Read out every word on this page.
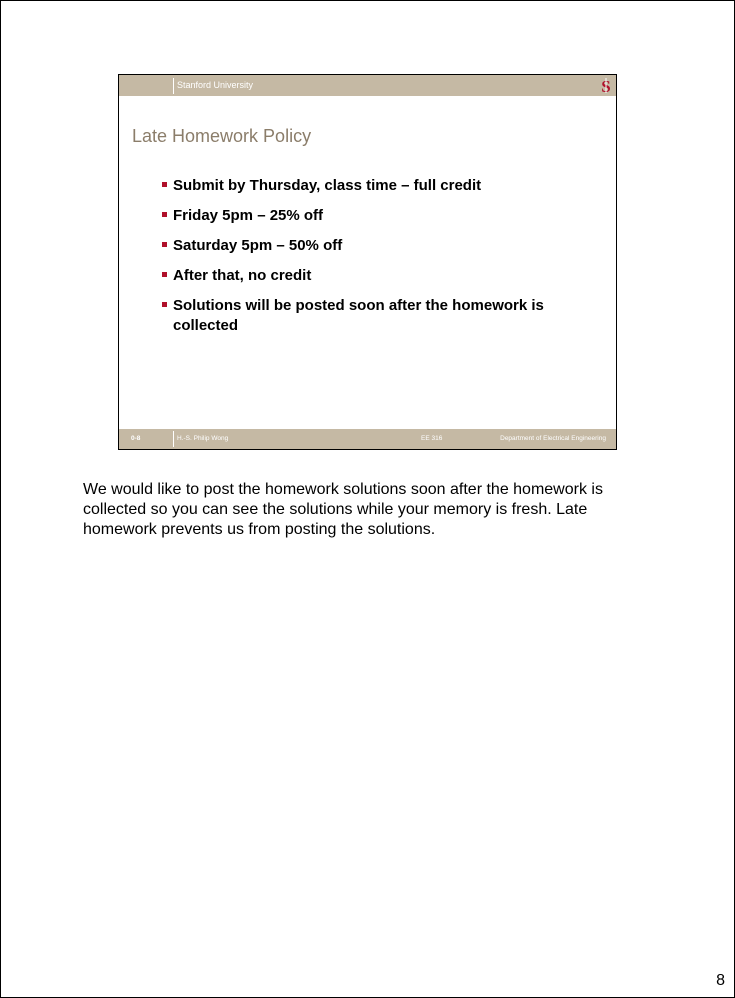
Stanford University	S
Late Homework Policy
Submit by Thursday, class time – full credit
Friday 5pm – 25% off
Saturday 5pm – 50% off
After that, no credit
Solutions will be posted soon after the homework is collected
0-8	H.-S. Philip Wong	EE 316	Department of Electrical Engineering

We would like to post the homework solutions soon after the homework is collected so you can see the solutions while your memory is fresh. Late homework prevents us from posting the solutions.

8
